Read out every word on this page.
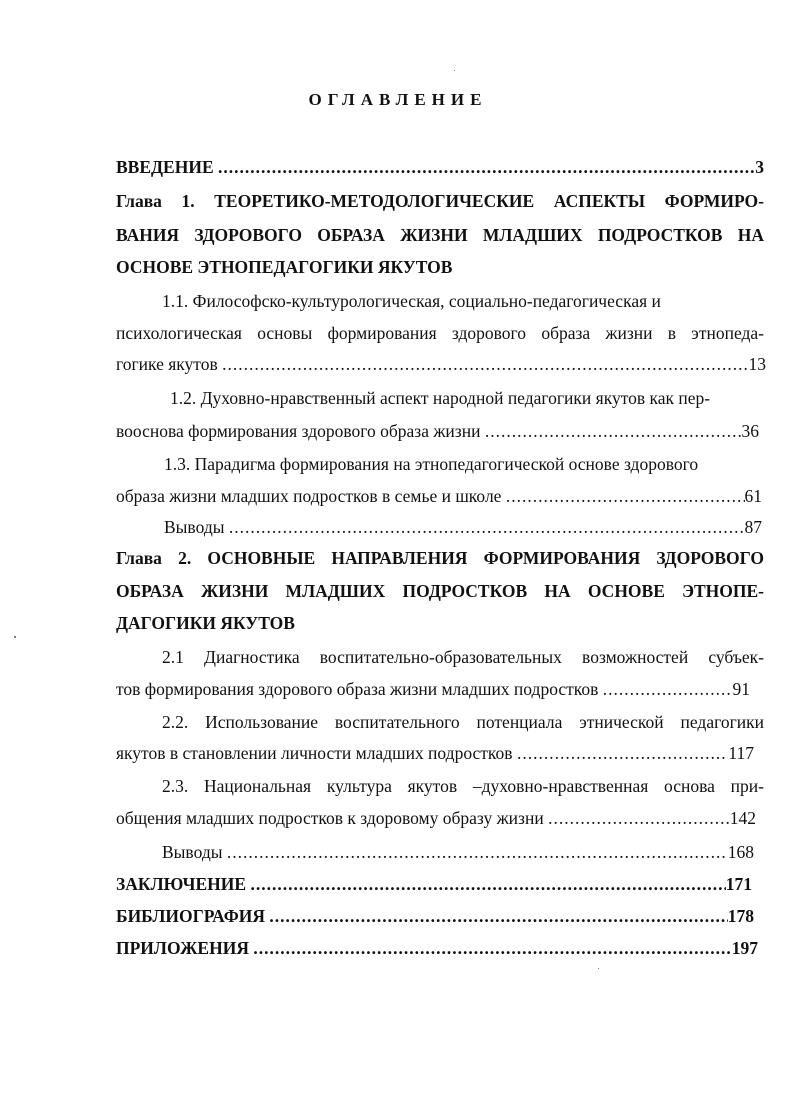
ОГЛАВЛЕНИЕ
ВВЕДЕНИЕ .....	3
Глава 1. ТЕОРЕТИКО-МЕТОДОЛОГИЧЕСКИЕ АСПЕКТЫ ФОРМИРО-
ВАНИЯ ЗДОРОВОГО ОБРАЗА ЖИЗНИ МЛАДШИХ ПОДРОСТКОВ НА
ОСНОВЕ ЭТНОПЕДАГОГИКИ ЯКУТОВ
1.1. Философско-культурологическая, социально-педагогическая и
психологическая основы формирования здорового образа жизни в этнопеда-
гогике якутов .....	13
1.2. Духовно-нравственный аспект народной педагогики якутов как пер-
вооснова формирования здорового образа жизни .....	36
1.3. Парадигма формирования на этнопедагогической основе здорового
образа жизни младших подростков в семье и школе .....	61
Выводы .....	87
Глава 2. ОСНОВНЫЕ НАПРАВЛЕНИЯ ФОРМИРОВАНИЯ ЗДОРОВОГО
ОБРАЗА ЖИЗНИ МЛАДШИХ ПОДРОСТКОВ НА ОСНОВЕ ЭТНОПЕ-
ДАГОГИКИ ЯКУТОВ
2.1 Диагностика воспитательно-образовательных возможностей субъек-
тов формирования здорового образа жизни младших подростков .....	91
2.2. Использование воспитательного потенциала этнической педагогики
якутов в становлении личности младших подростков .....	117
2.3. Национальная культура якутов –духовно-нравственная основа при-
общения младших подростков к здоровому образу жизни .....	142
Выводы .....	168
ЗАКЛЮЧЕНИЕ .....	171
БИБЛИОГРАФИЯ .....	178
ПРИЛОЖЕНИЯ .....	197
